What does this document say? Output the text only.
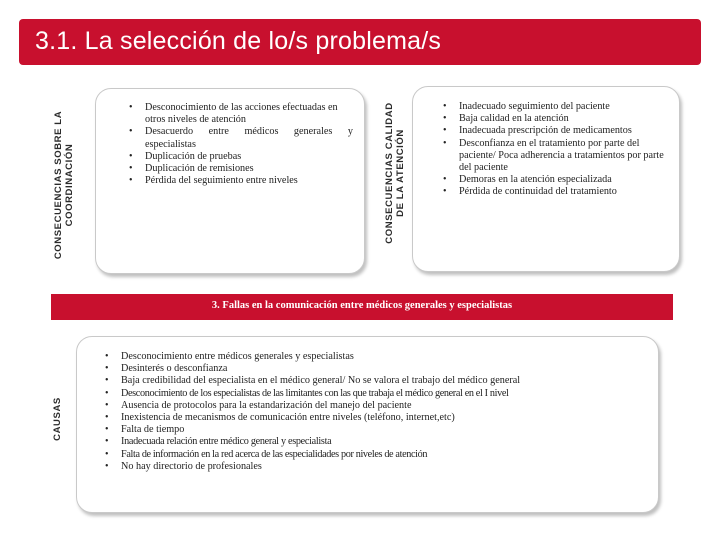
3.1. La selección de lo/s problema/s
CONSECUENCIAS SOBRE LA COORDINACIÓN
• Desconocimiento de las acciones efectuadas en otros niveles de atención
• Desacuerdo entre médicos generales y especialistas
• Duplicación de pruebas
• Duplicación de remisiones
• Pérdida del seguimiento entre niveles	CONSECUENCIAS CALIDAD DE LA ATENCIÓN
• Inadecuado seguimiento del paciente
• Baja calidad en la atención
• Inadecuada prescripción de medicamentos
• Desconfianza en el tratamiento por parte del paciente/ Poca adherencia a tratamientos por parte del paciente
• Demoras en la atención especializada
• Pérdida de continuidad del tratamiento
3. Fallas en la comunicación entre médicos generales y especialistas
CAUSAS
• Desconocimiento entre médicos generales y especialistas
• Desinterés o desconfianza
• Baja credibilidad del especialista en el médico general/ No se valora el trabajo del médico general
• Desconocimiento de los especialistas de las limitantes con las que trabaja el médico general en el I nivel
• Ausencia de protocolos para la estandarización del manejo del paciente
• Inexistencia de mecanismos de comunicación entre niveles (teléfono, internet,etc)
• Falta de tiempo
• Inadecuada relación entre médico general y especialista
• Falta de información en la red acerca de las especialidades por niveles de atención
• No hay directorio de profesionales
